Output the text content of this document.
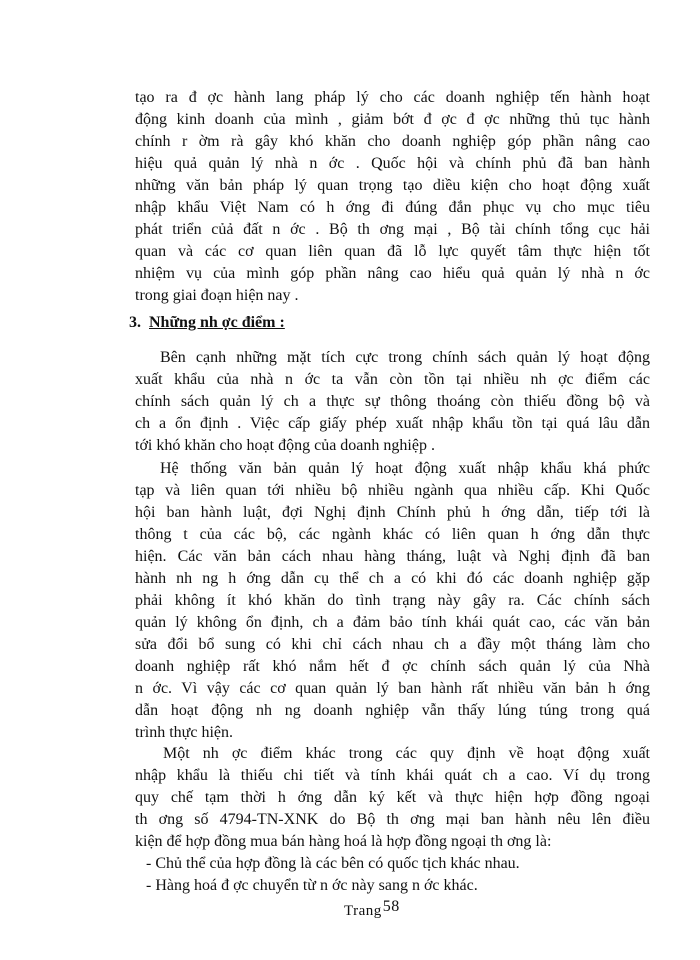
tạo ra đ ợc hành lang pháp lý cho các doanh nghiệp tến hành hoạt
động kinh doanh của mình , giảm bớt đ ợc đ ợc những thủ tục hành
chính r ờm rà gây khó khăn cho doanh nghiệp góp phần nâng cao
hiệu quả quản lý nhà n ớc . Quốc hội và chính phủ đã ban hành
những văn bản pháp lý quan trọng tạo diều kiện cho hoạt động xuất
nhập khẩu Việt Nam có h ớng đi đúng đắn phục vụ cho mục tiêu
phát triển củả đất n ớc . Bộ th ơng mại , Bộ tài chính tổng cục hải
quan và các cơ quan liên quan đã lỗ lực quyết tâm thực hiện tốt
nhiệm vụ của mình góp phần nâng cao hiểu quả quản lý nhà n ớc
trong giai đoạn hiện nay .
3. Những nh ợc điểm :
Bên cạnh những mặt tích cực trong chính sách quản lý hoạt động
xuất khẩu của nhà n ớc ta vẫn còn tồn tại nhiều nh ợc điểm các
chính sách quản lý ch a thực sự thông thoáng còn thiếu đồng bộ và
ch a ổn định . Việc cấp giấy phép xuất nhập khẩu tồn tại quá lâu dẫn
tới khó khăn cho hoạt động của doanh nghiệp .
Hệ thống văn bản quản lý hoạt động xuất nhập khẩu khá phức
tạp và liên quan tới nhiều bộ nhiều ngành qua nhiều cấp. Khi Quốc
hội ban hành luật, đợi Nghị định Chính phủ h ớng dẫn, tiếp tới là
thông t của các bộ, các ngành khác có liên quan h ớng dẫn thực
hiện. Các văn bản cách nhau hàng tháng, luật và Nghị định đã ban
hành nh ng h ớng dẫn cụ thể ch a có khi đó các doanh nghiệp gặp
phải không ít khó khăn do tình trạng này gây ra. Các chính sách
quản lý không ổn định, ch a đảm bảo tính khái quát cao, các văn bản
sửa đổi bổ sung có khi chỉ cách nhau ch a đầy một tháng làm cho
doanh nghiệp rất khó nắm hết đ ợc chính sách quản lý của Nhà
n ớc. Vì vậy các cơ quan quản lý ban hành rất nhiều văn bản h ớng
dẫn hoạt động nh ng doanh nghiệp vẫn thấy lúng túng trong quá
trình thực hiện.
Một nh ợc điểm khác trong các quy định về hoạt động xuất
nhập khẩu là thiếu chi tiết và tính khái quát ch a cao. Ví dụ trong
quy chế tạm thời h ớng dẫn ký kết và thực hiện hợp đồng ngoại
th ơng số 4794-TN-XNK do Bộ th ơng mại ban hành nêu lên điều
kiện để hợp đồng mua bán hàng hoá là hợp đồng ngoại th ơng là:
- Chủ thể của hợp đồng là các bên có quốc tịch khác nhau.
- Hàng hoá đ ợc chuyển từ n ớc này sang n ớc khác.
Trang58
